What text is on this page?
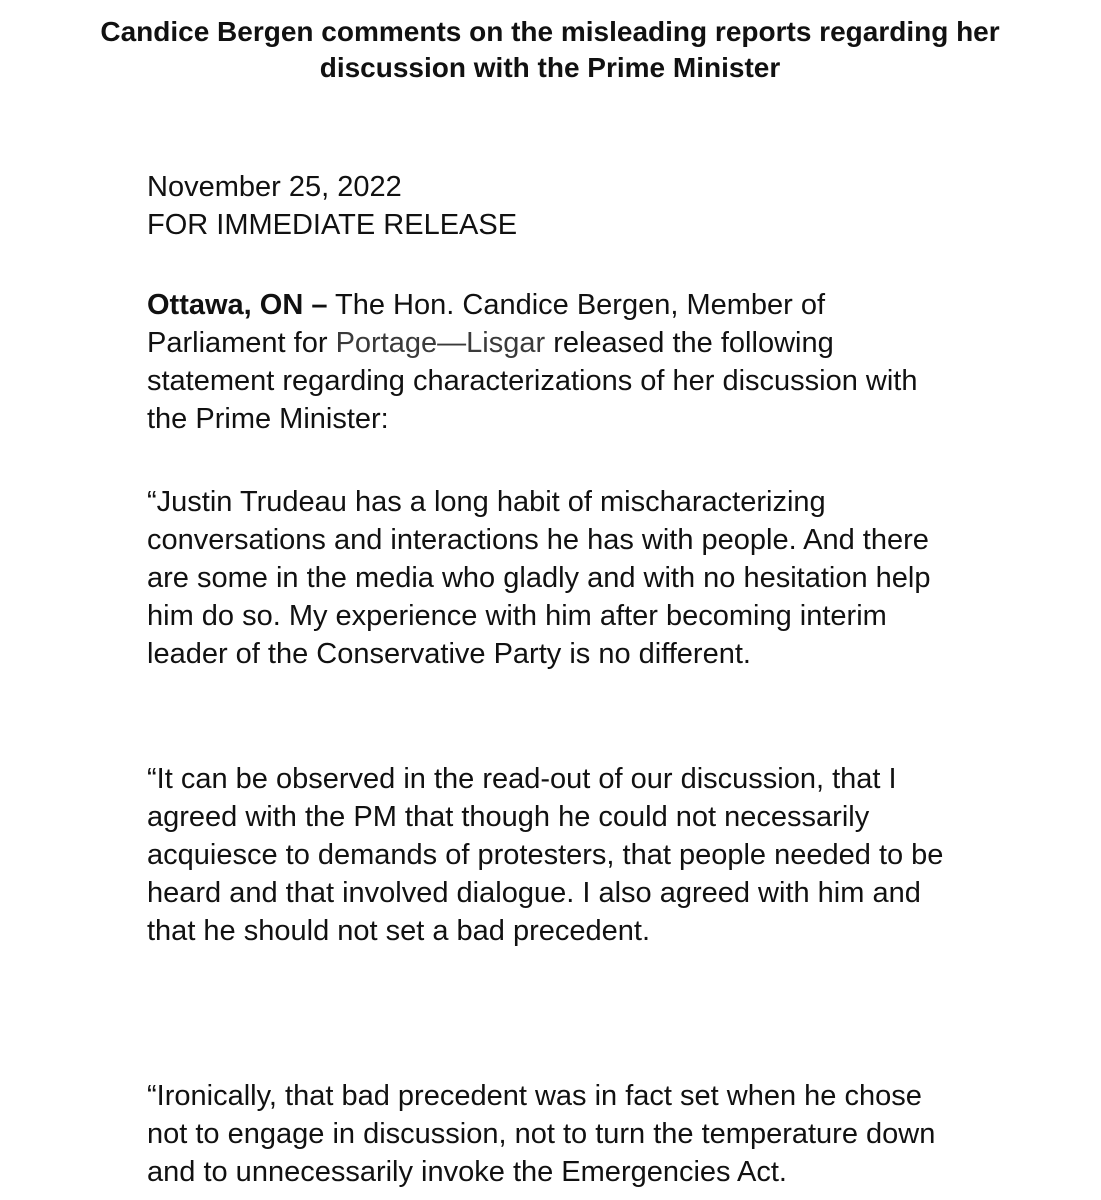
Candice Bergen comments on the misleading reports regarding her discussion with the Prime Minister
November 25, 2022
FOR IMMEDIATE RELEASE

Ottawa, ON – The Hon. Candice Bergen, Member of Parliament for Portage—Lisgar released the following statement regarding characterizations of her discussion with the Prime Minister:

“Justin Trudeau has a long habit of mischaracterizing conversations and interactions he has with people. And there are some in the media who gladly and with no hesitation help him do so. My experience with him after becoming interim leader of the Conservative Party is no different.

“It can be observed in the read-out of our discussion, that I agreed with the PM that though he could not necessarily acquiesce to demands of protesters, that people needed to be heard and that involved dialogue. I also agreed with him and that he should not set a bad precedent.

“Ironically, that bad precedent was in fact set when he chose not to engage in discussion, not to turn the temperature down and to unnecessarily invoke the Emergencies Act.
